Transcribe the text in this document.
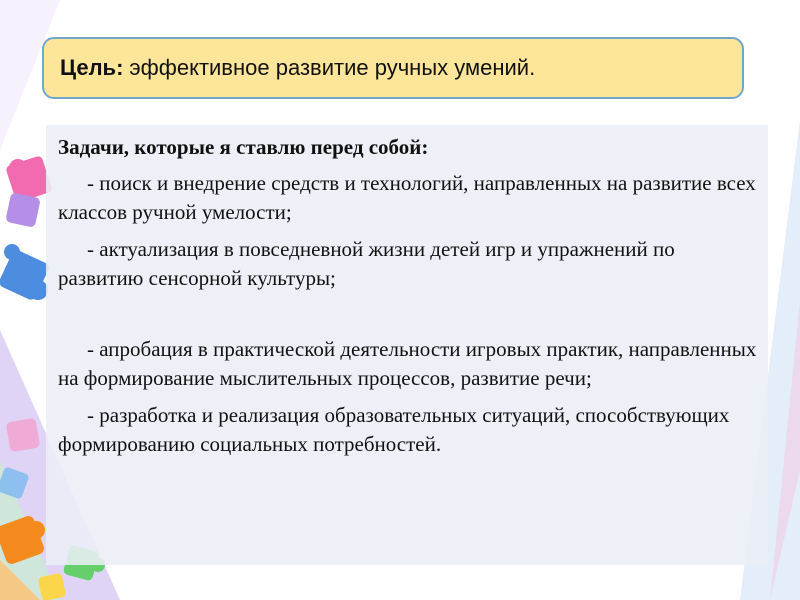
Цель: эффективное развитие ручных умений.

Задачи, которые я ставлю перед собой:

- поиск и внедрение средств и технологий, направленных на развитие всех классов ручной умелости;

- актуализация в повседневной жизни детей игр и упражнений по развитию сенсорной культуры;

- апробация в практической деятельности игровых практик, направленных на формирование мыслительных процессов, развитие речи;

- разработка и реализация образовательных ситуаций, способствующих формированию социальных потребностей.
